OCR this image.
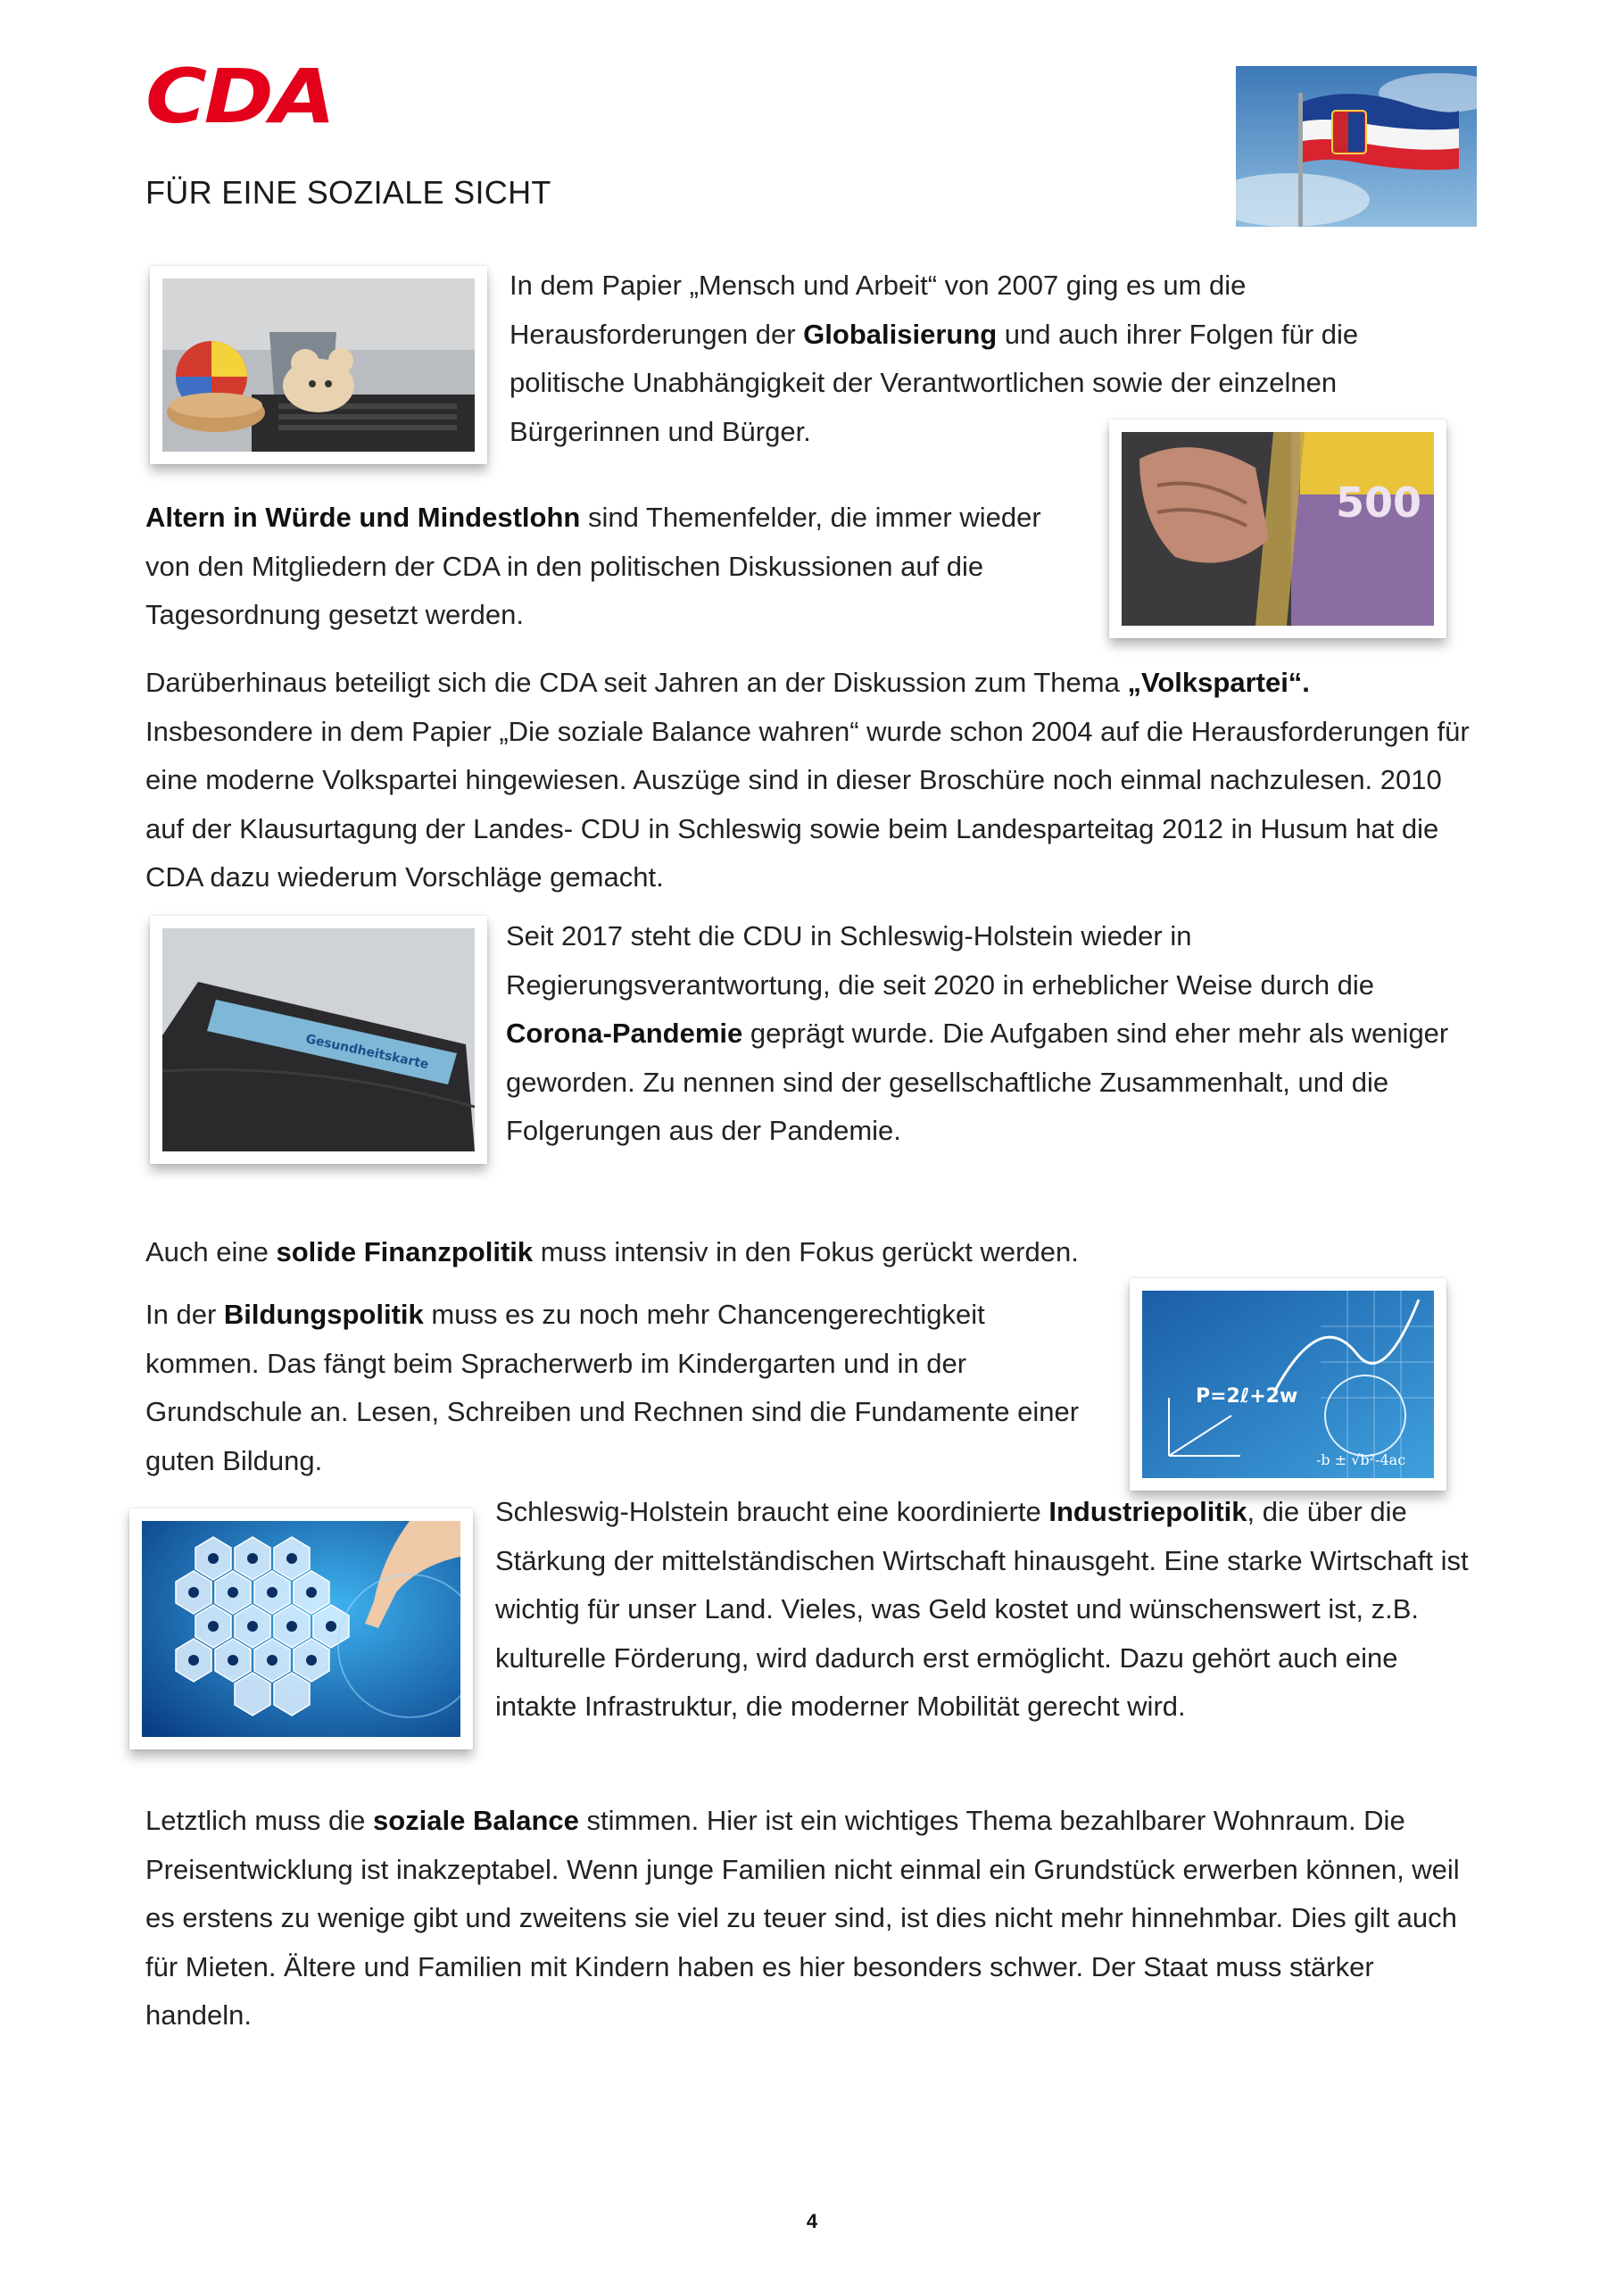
CDA
FÜR EINE SOZIALE SICHT
In dem Papier „Mensch und Arbeit“ von 2007 ging es um die Herausforderungen der Globalisierung und auch ihrer Folgen für die politische Unabhängigkeit der Verantwortlichen sowie der einzelnen Bürgerinnen und Bürger.
500
Altern in Würde und Mindestlohn sind Themenfelder, die immer wieder von den Mitgliedern der CDA in den politischen Diskussionen auf die Tagesordnung gesetzt werden.
Darüberhinaus beteiligt sich die CDA seit Jahren an der Diskussion zum Thema „Volkspartei“. Insbesondere in dem Papier „Die soziale Balance wahren“ wurde schon 2004 auf die Herausforderungen für eine moderne Volkspartei hingewiesen. Auszüge sind in dieser Broschüre noch einmal nachzulesen. 2010 auf der Klausurtagung der Landes- CDU in Schleswig sowie beim Landesparteitag 2012 in Husum hat die CDA dazu wiederum Vorschläge gemacht.
Gesundheitskarte
Seit 2017 steht die CDU in Schleswig-Holstein wieder in Regierungsverantwortung, die seit 2020 in erheblicher Weise durch die Corona-Pandemie geprägt wurde. Die Aufgaben sind eher mehr als weniger geworden. Zu nennen sind der gesellschaftliche Zusammenhalt, und die Folgerungen aus der Pandemie.
Auch eine solide Finanzpolitik muss intensiv in den Fokus gerückt werden.
P=2ℓ+2w
-b ± √b²-4ac
In der Bildungspolitik muss es zu noch mehr Chancengerechtigkeit kommen. Das fängt beim Spracherwerb im Kindergarten und in der Grundschule an. Lesen, Schreiben und Rechnen sind die Fundamente einer guten Bildung.
Schleswig-Holstein braucht eine koordinierte Industriepolitik, die über die Stärkung der mittelständischen Wirtschaft hinausgeht. Eine starke Wirtschaft ist wichtig für unser Land. Vieles, was Geld kostet und wünschenswert ist, z.B. kulturelle Förderung, wird dadurch erst ermöglicht. Dazu gehört auch eine intakte Infrastruktur, die moderner Mobilität gerecht wird.
Letztlich muss die soziale Balance stimmen. Hier ist ein wichtiges Thema bezahlbarer Wohnraum. Die Preisentwicklung ist inakzeptabel. Wenn junge Familien nicht einmal ein Grundstück erwerben können, weil es erstens zu wenige gibt und zweitens sie viel zu teuer sind, ist dies nicht mehr hinnehmbar. Dies gilt auch für Mieten. Ältere und Familien mit Kindern haben es hier besonders schwer. Der Staat muss stärker handeln.
4
